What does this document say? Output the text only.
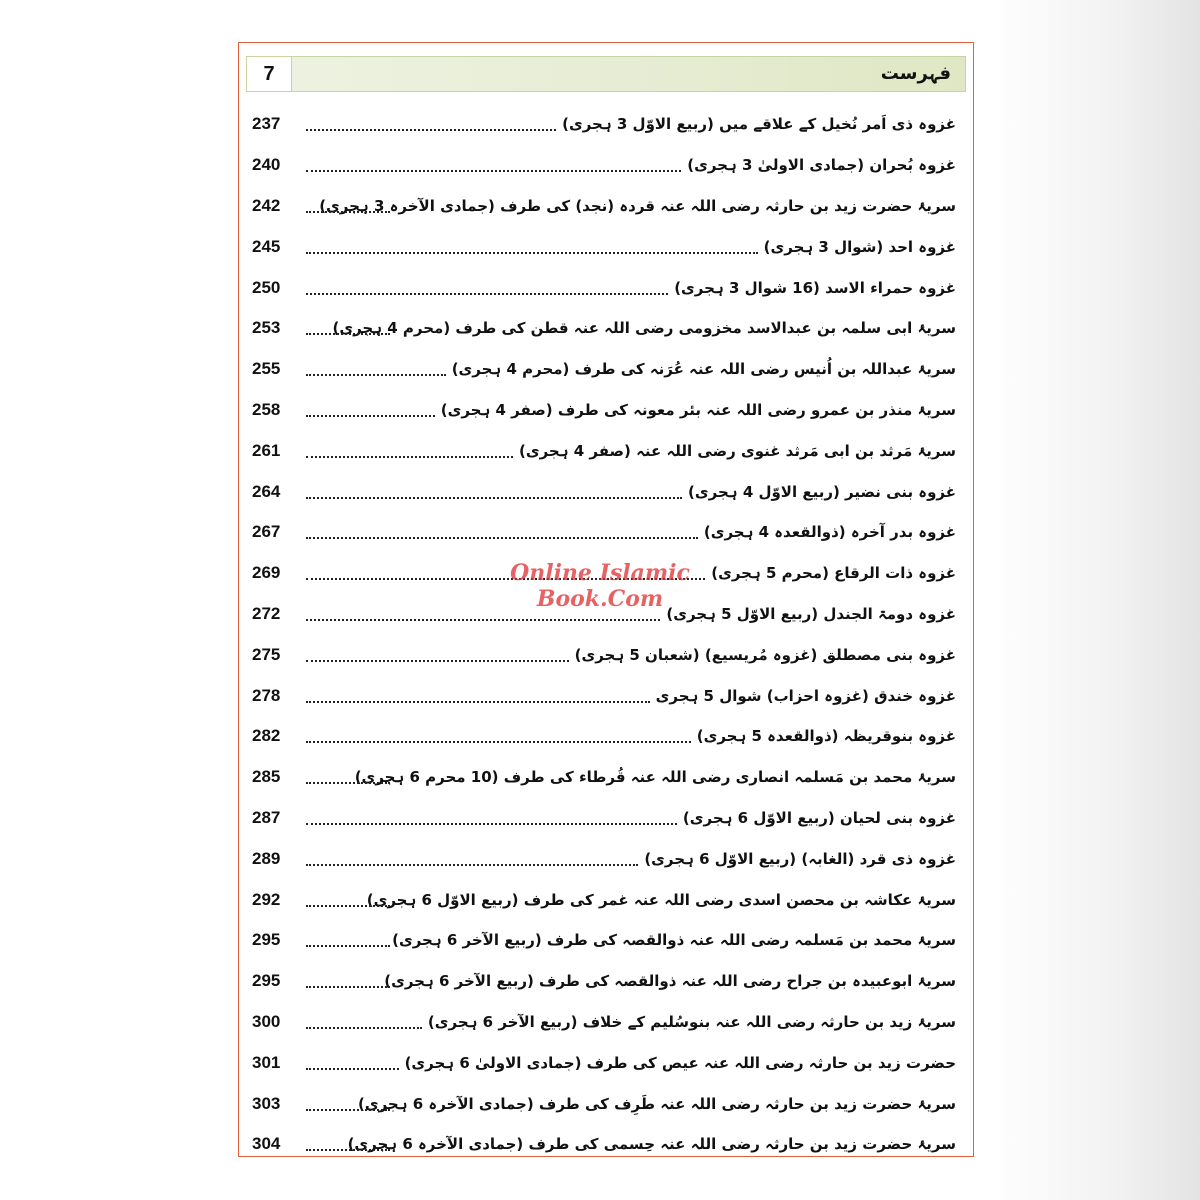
7	فہرست
237	غزوہ ذی اَمر نُخیل کے علاقے میں (ربیع الاوّل 3 ہجری)
240	غزوہ بُحران (جمادی الاولیٰ 3 ہجری)
242	سریۂ حضرت زید بن حارثہ رضی اللہ عنہ قردہ (نجد) کی طرف (جمادی الآخرہ 3 ہجری)
245	غزوہ احد (شوال 3 ہجری)
250	غزوہ حمراء الاسد (16 شوال 3 ہجری)
253	سریۂ ابی سلمہ بن عبدالاسد مخزومی رضی اللہ عنہ قطن کی طرف (محرم 4 ہجری)
255	سریۂ عبداللہ بن اُنیس رضی اللہ عنہ عُرَنہ کی طرف (محرم 4 ہجری)
258	سریۂ منذر بن عمرو رضی اللہ عنہ بئر معونہ کی طرف (صفر 4 ہجری)
261	سریۂ مَرثد بن ابی مَرثد غنوی رضی اللہ عنہ (صفر 4 ہجری)
264	غزوہ بنی نضیر (ربیع الاوّل 4 ہجری)
267	غزوہ بدر آخرہ (ذوالقعدہ 4 ہجری)
269	غزوہ ذات الرقاع (محرم 5 ہجری)
272	غزوہ دومۃ الجندل (ربیع الاوّل 5 ہجری)
275	غزوہ بنی مصطلق (غزوہ مُریسیع) (شعبان 5 ہجری)
278	غزوہ خندق (غزوہ احزاب) شوال 5 ہجری
282	غزوہ بنوقریظہ (ذوالقعدہ 5 ہجری)
285	سریۂ محمد بن مَسلمہ انصاری رضی اللہ عنہ قُرطاء کی طرف (10 محرم 6 ہجری)
287	غزوہ بنی لحیان (ربیع الاوّل 6 ہجری)
289	غزوہ ذی قرد (الغابہ) (ربیع الاوّل 6 ہجری)
292	سریۂ عکاشہ بن محصن اسدی رضی اللہ عنہ غمر کی طرف (ربیع الاوّل 6 ہجری)
295	سریۂ محمد بن مَسلمہ رضی اللہ عنہ ذوالقصہ کی طرف (ربیع الآخر 6 ہجری)
295	سریۂ ابوعبیدہ بن جراح رضی اللہ عنہ ذوالقصہ کی طرف (ربیع الآخر 6 ہجری)
300	سریۂ زید بن حارثہ رضی اللہ عنہ بنوسُلیم کے خلاف (ربیع الآخر 6 ہجری)
301	حضرت زید بن حارثہ رضی اللہ عنہ عیص کی طرف (جمادی الاولیٰ 6 ہجری)
303	سریۂ حضرت زید بن حارثہ رضی اللہ عنہ طَرِف کی طرف (جمادی الآخرہ 6 ہجری)
304	سریۂ حضرت زید بن حارثہ رضی اللہ عنہ حِسمی کی طرف (جمادی الآخرہ 6 ہجری)
Online Islamic
Book.Com
